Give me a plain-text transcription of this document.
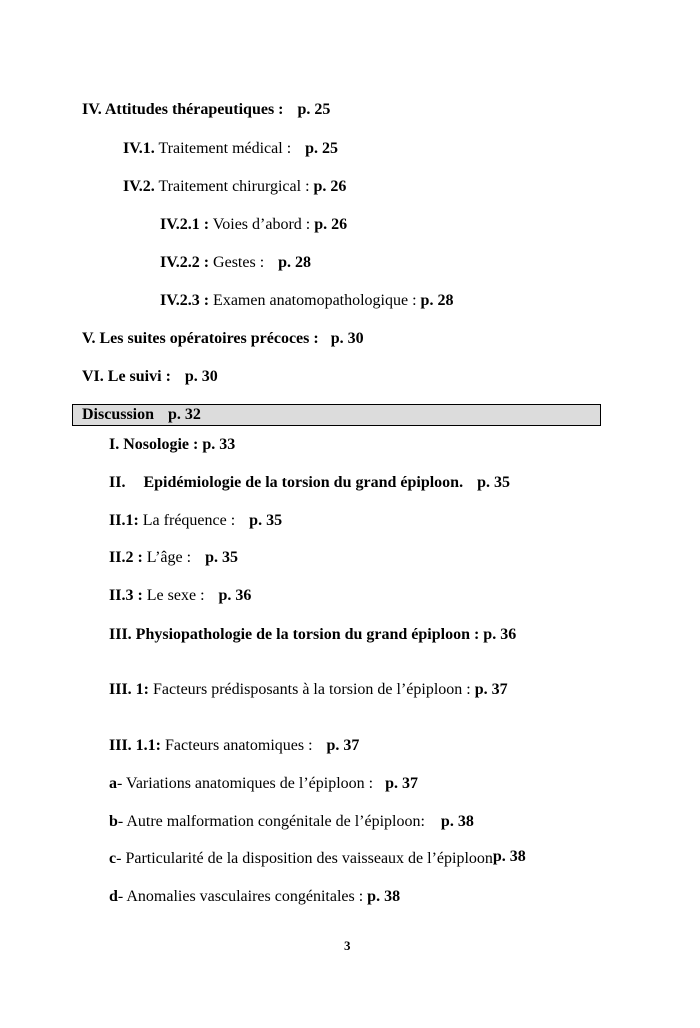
IV. Attitudes thérapeutiques : p. 25
IV.1. Traitement médical : p. 25
IV.2. Traitement chirurgical : p. 26
IV.2.1 : Voies d’abord : p. 26
IV.2.2 : Gestes : p. 28
IV.2.3 : Examen anatomopathologique : p. 28
V. Les suites opératoires précoces : p. 30
VI. Le suivi : p. 30
Discussion p. 32
I. Nosologie : p. 33
II. Epidémiologie de la torsion du grand épiploon. p. 35
II.1: La fréquence : p. 35
II.2 : L’âge : p. 35
II.3 : Le sexe : p. 36
III. Physiopathologie de la torsion du grand épiploon : p. 36
III. 1: Facteurs prédisposants à la torsion de l’épiploon : p. 37
III. 1.1: Facteurs anatomiques : p. 37
a- Variations anatomiques de l’épiploon : p. 37
b- Autre malformation congénitale de l’épiploon: p. 38
c- Particularité de la disposition des vaisseaux de l’épiploonp. 38
d- Anomalies vasculaires congénitales : p. 38
3
